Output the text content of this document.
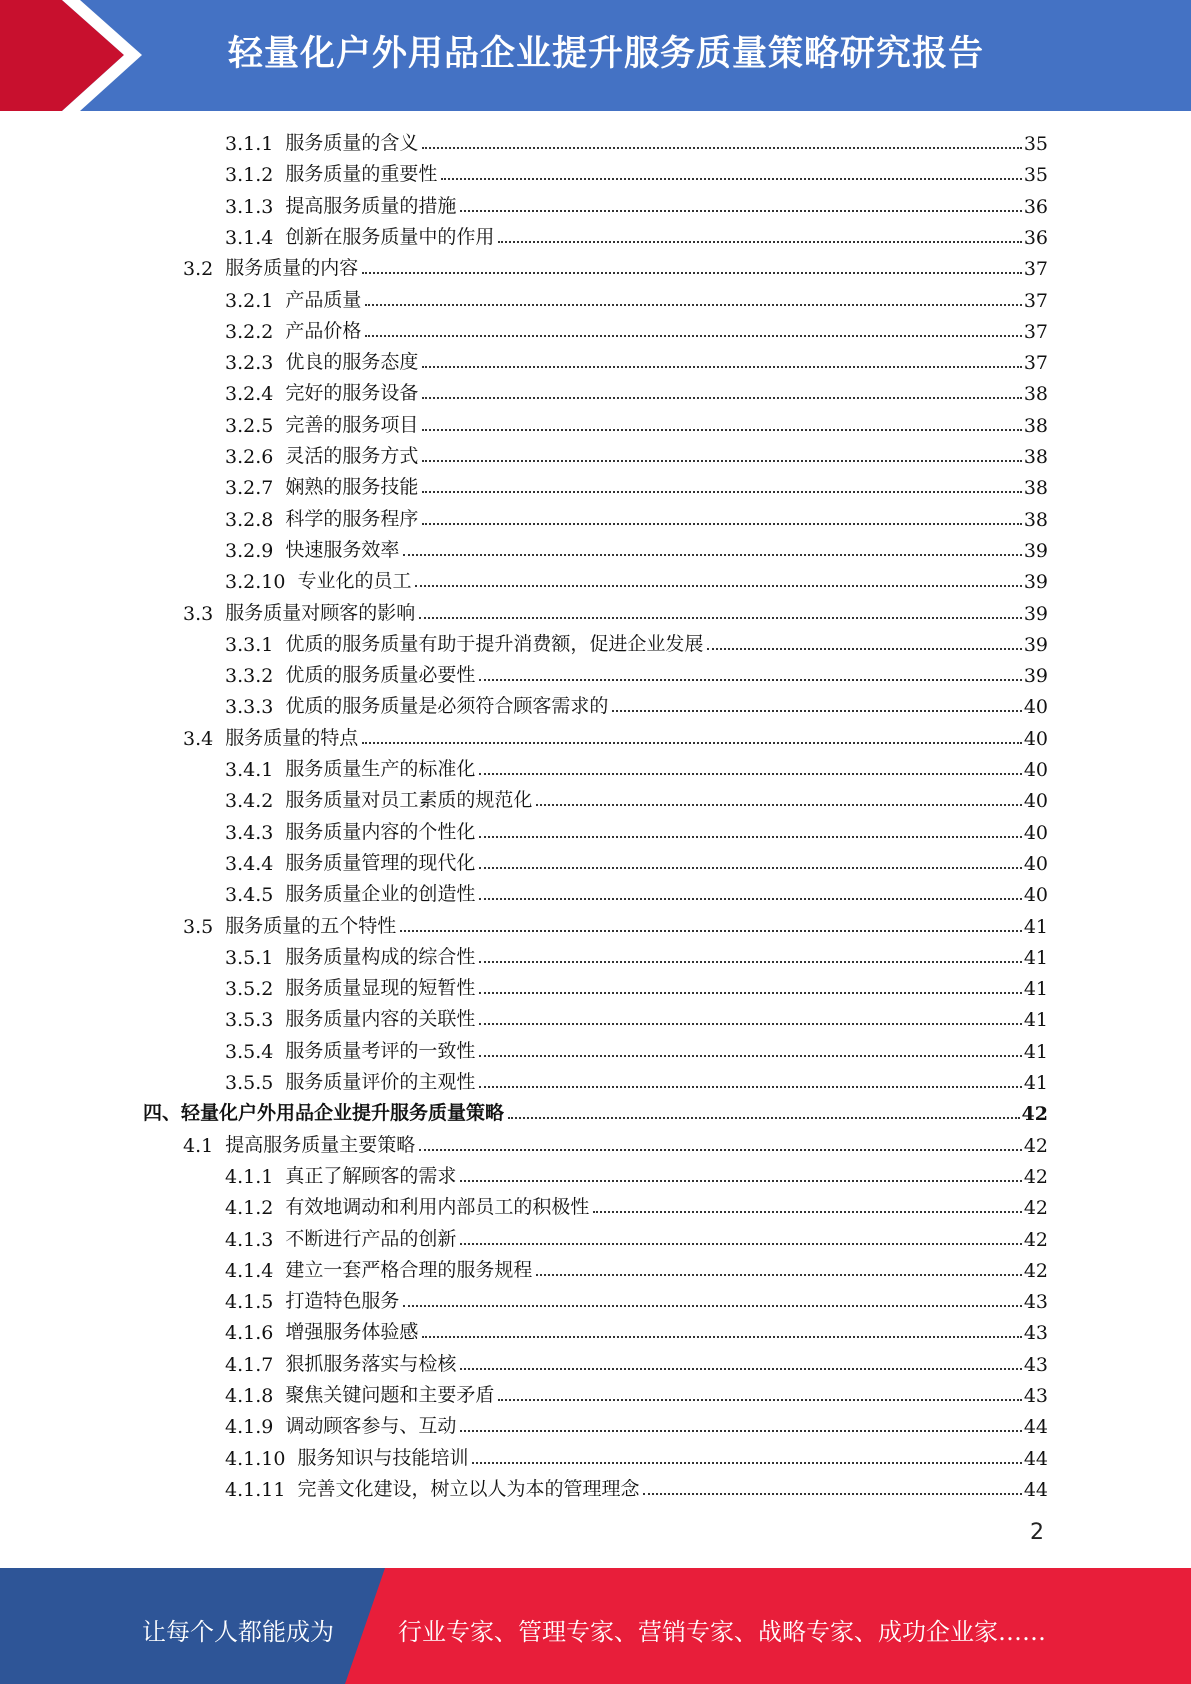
轻量化户外用品企业提升服务质量策略研究报告
3.1.1 服务质量的含义	35
3.1.2 服务质量的重要性	35
3.1.3 提高服务质量的措施	36
3.1.4 创新在服务质量中的作用	36
3.2 服务质量的内容	37
3.2.1 产品质量	37
3.2.2 产品价格	37
3.2.3 优良的服务态度	37
3.2.4 完好的服务设备	38
3.2.5 完善的服务项目	38
3.2.6 灵活的服务方式	38
3.2.7 娴熟的服务技能	38
3.2.8 科学的服务程序	38
3.2.9 快速服务效率	39
3.2.10 专业化的员工	39
3.3 服务质量对顾客的影响	39
3.3.1 优质的服务质量有助于提升消费额，促进企业发展	39
3.3.2 优质的服务质量必要性	39
3.3.3 优质的服务质量是必须符合顾客需求的	40
3.4 服务质量的特点	40
3.4.1 服务质量生产的标准化	40
3.4.2 服务质量对员工素质的规范化	40
3.4.3 服务质量内容的个性化	40
3.4.4 服务质量管理的现代化	40
3.4.5 服务质量企业的创造性	40
3.5 服务质量的五个特性	41
3.5.1 服务质量构成的综合性	41
3.5.2 服务质量显现的短暂性	41
3.5.3 服务质量内容的关联性	41
3.5.4 服务质量考评的一致性	41
3.5.5 服务质量评价的主观性	41
四、 轻量化户外用品企业提升服务质量策略	42
4.1 提高服务质量主要策略	42
4.1.1 真正了解顾客的需求	42
4.1.2 有效地调动和利用内部员工的积极性	42
4.1.3 不断进行产品的创新	42
4.1.4 建立一套严格合理的服务规程	42
4.1.5 打造特色服务	43
4.1.6 增强服务体验感	43
4.1.7 狠抓服务落实与检核	43
4.1.8 聚焦关键问题和主要矛盾	43
4.1.9 调动顾客参与、互动	44
4.1.10 服务知识与技能培训	44
4.1.11 完善文化建设，树立以人为本的管理理念	44
2
让每个人都能成为	行业专家、管理专家、营销专家、战略专家、成功企业家……
